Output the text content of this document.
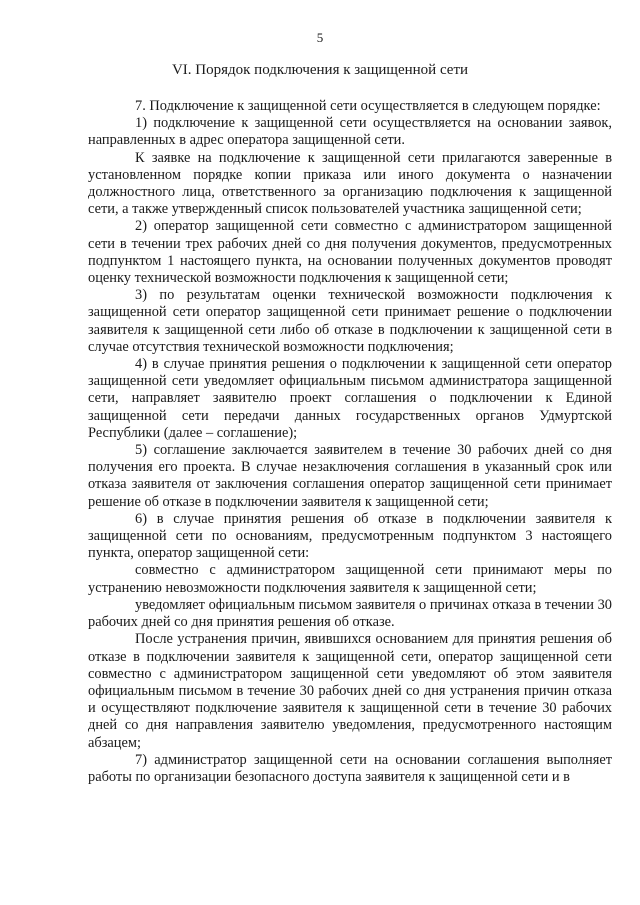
5
VI. Порядок подключения к защищенной сети

7. Подключение к защищенной сети осуществляется в следующем порядке:

1) подключение к защищенной сети осуществляется на основании заявок, направленных в адрес оператора защищенной сети.

К заявке на подключение к защищенной сети прилагаются заверенные в установленном порядке копии приказа или иного документа о назначении должностного лица, ответственного за организацию подключения к защищенной сети, а также утвержденный список пользователей участника защищенной сети;

2) оператор защищенной сети совместно с администратором защищенной сети в течении трех рабочих дней со дня получения документов, предусмотренных подпунктом 1 настоящего пункта, на основании полученных документов проводят оценку технической возможности подключения к защищенной сети;

3) по результатам оценки технической возможности подключения к защищенной сети оператор защищенной сети принимает решение о подключении заявителя к защищенной сети либо об отказе в подключении к защищенной сети в случае отсутствия технической возможности подключения;

4) в случае принятия решения о подключении к защищенной сети оператор защищенной сети уведомляет официальным письмом администратора защищенной сети, направляет заявителю проект соглашения о подключении к Единой защищенной сети передачи данных государственных органов Удмуртской Республики (далее – соглашение);

5) соглашение заключается заявителем в течение 30 рабочих дней со дня получения его проекта. В случае незаключения соглашения в указанный срок или отказа заявителя от заключения соглашения оператор защищенной сети принимает решение об отказе в подключении заявителя к защищенной сети;

6) в случае принятия решения об отказе в подключении заявителя к защищенной сети по основаниям, предусмотренным подпунктом 3 настоящего пункта, оператор защищенной сети:

совместно с администратором защищенной сети принимают меры по устранению невозможности подключения заявителя к защищенной сети;

уведомляет официальным письмом заявителя о причинах отказа в течении 30 рабочих дней со дня принятия решения об отказе.

После устранения причин, явившихся основанием для принятия решения об отказе в подключении заявителя к защищенной сети, оператор защищенной сети совместно с администратором защищенной сети уведомляют об этом заявителя официальным письмом в течение 30 рабочих дней со дня устранения причин отказа и осуществляют подключение заявителя к защищенной сети в течение 30 рабочих дней со дня направления заявителю уведомления, предусмотренного настоящим абзацем;

7) администратор защищенной сети на основании соглашения выполняет работы по организации безопасного доступа заявителя к защищенной сети и в
